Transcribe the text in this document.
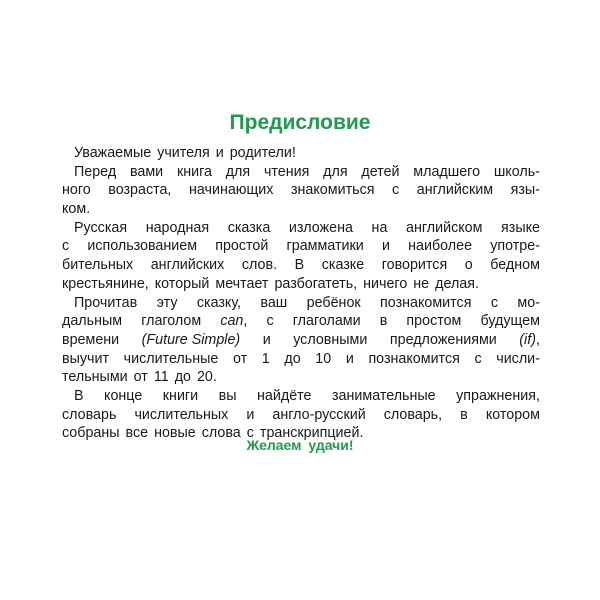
Предисловие
Уважаемые учителя и родители!
Перед вами книга для чтения для детей младшего школь-
ного возраста, начинающих знакомиться с английским язы-
ком.
Русская народная сказка изложена на английском языке
с использованием простой грамматики и наиболее употре-
бительных английских слов. В сказке говорится о бедном
крестьянине, который мечтает разбогатеть, ничего не делая.
Прочитав эту сказку, ваш ребёнок познакомится с мо-
дальным глаголом can, с глаголами в простом будущем
времени (Future Simple) и условными предложениями (if),
выучит числительные от 1 до 10 и познакомится с числи-
тельными от 11 до 20.
В конце книги вы найдёте занимательные упражнения,
словарь числительных и англо-русский словарь, в котором
собраны все новые слова с транскрипцией.

Желаем удачи!
